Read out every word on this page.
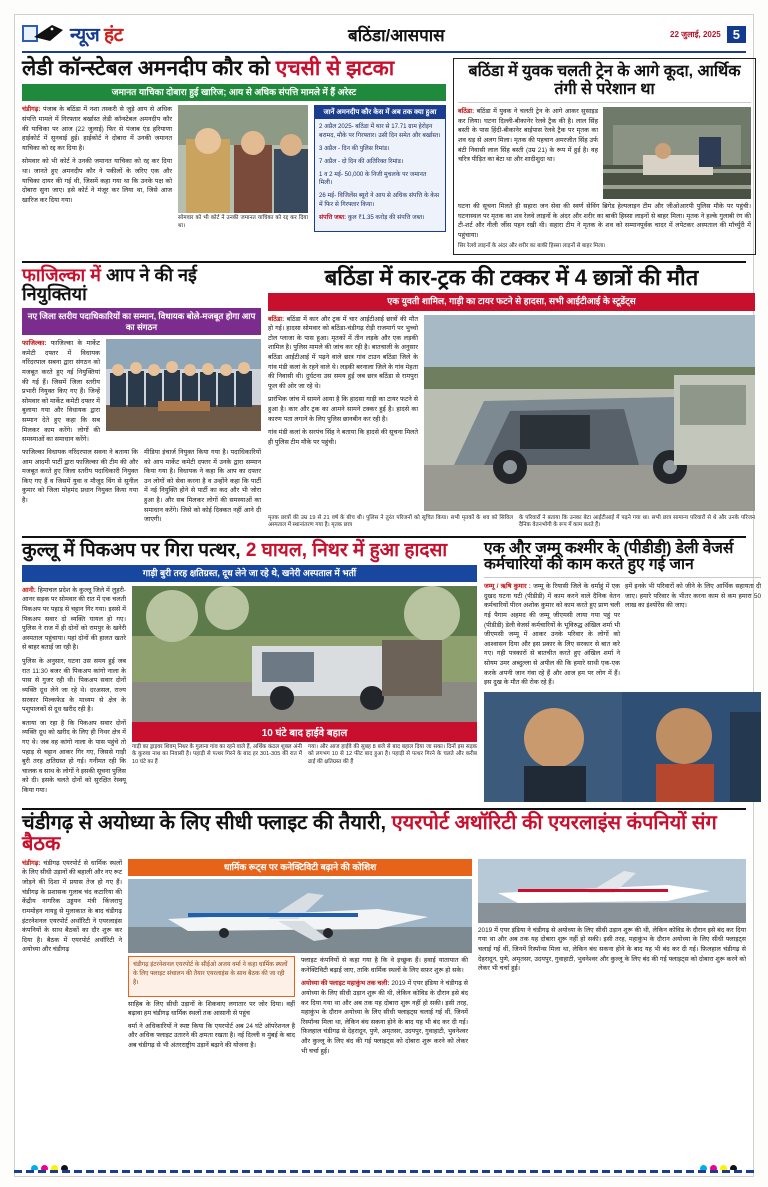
न्यूज हंट	बठिंडा/आसपास	22 जुलाई, 2025 5
लेडी कॉन्स्टेबल अमनदीप कौर को एचसी से झटका
जमानत याचिका दोबारा हुई खारिज; आय से अधिक संपत्ति मामले में हैं अरेस्ट
चंडीगढ़: पंजाब के बठिंडा में नशा तस्करी से जुड़े आय से अधिक संपत्ति मामले में गिरफ्तार बर्खास्त लेडी कॉन्स्टेबल अमनदीप कौर की याचिका पर आज (22 जुलाई) फिर से पंजाब एंड हरियाणा हाईकोर्ट में सुनवाई हुई। हाईकोर्ट ने दोबारा में उनकी जमानत याचिका को रद्द कर दिया है।
सोमवार को भी कोर्ट ने उनकी जमानत याचिका को रद्द कर दिया था। जानते हुए अमनदीप कौर ने पकीलों के जरिए एक और याचिका दायर की गई थी, जिसमें कहा गया था कि उनके पक्ष को दोबारा सुना जाए। इसे कोर्ट ने मंजूर कर लिया था, जिसे आज खारिज कर दिया गया।
सोमवार को भी कोर्ट ने उनकी जमानत याचिका को रद्द कर दिया था।
जानें अमनदीप कौर केस में अब तक क्या हुआ

2 अप्रैल 2025- बठिंडा में थार से 17.71 ग्राम हेरोइन बरामद, मौके पर गिरफ्तार। उसी दिन समेत और बर्खास्त।

3 अप्रैल - दिन की पुलिस रिमांड।

7 अप्रैल - दो दिन की अतिरिक्त रिमांड।

1 व 2 मई- 50,000 के निजी मुचलके पर जमानत मिली।

26 मई- विजिलेंस ब्यूरो ने आय से अधिक संपत्ति के केस में फिर से गिरफ्तार किया।

संपत्ति जब्त: कुल ₹1.35 करोड़ की संपत्ति जब्त।

बठिंडा में युवक चलती ट्रेन के आगे कूदा, आर्थिक तंगी से परेशान था
बठिंडा: बठिंडा में युवक ने चलती ट्रेन के आगे आकर सुसाइड कर लिया। घटना दिल्ली-बीकानेर रेलवे ट्रैक की है। लाल सिंह बस्ती के पास हिंदी-बीकानेर बाईपास रेलवे ट्रैक पर मृतक का शव धड़ से अलग मिला। मृतक की पहचान अमरजीत सिंह उर्फ बंटी निवासी लाल सिंह बस्ती (उम्र 21) के रूप में हुई है। वह चरित्र पीड़ित का बेटा था और शादीशुदा था।
घटना की सूचना मिलते ही सहारा जन सेवा की स्वर्ण सेविंग ब्रिगेड हेल्पलाइन टीम और जीओआरपी पुलिस मौके पर पहुंची। घटनास्थल पर मृतक का शव रेलवे लाइनों के अंदर और शरीर का बाकी हिस्सा लाइनों से बाहर मिला। मृतक ने हल्के गुलाबी रंग की टी-शर्ट और नीली जींस पहन रखी थी। सहारा टीम ने मृतक के शव को सम्मानपूर्वक चादर में लपेटकर अस्पताल की मॉर्च्युरी में पहुंचाया।
सिर रेलवे लाइनों के अंदर और शरीर का बाकी हिस्सा लाइनों से बाहर मिला।
फाजिल्का में आप ने की नई नियुक्तियां
नए जिला स्तरीय पदाधिकारियों का सम्मान, विधायक बोले-मजबूत होगा आप का संगठन
फाजिल्का: फाजिल्का के मार्केट कमेटी दफ्तर में विधायक नरिंदरपाल सबना द्वारा संगठन को मजबूत करते हुए नई नियुक्तियां की गई हैं। जिसमें जिला स्तरीय प्रभारी नियुक्त किए गए हैं। जिन्हें सोमवार को मार्केट कमेटी दफ्तर में बुलाया गया और विधायक द्वारा सम्मान देते हुए कहा कि सब मिलकर काम करेंगे। लोगों की समस्याओं का समाधान करेंगे।
फाजिल्का विधायक नरिंदरपाल सवना ने बताया कि आम आदमी पार्टी द्वारा फाजिल्का की टीम की और मजबूत करते हुए जिला स्तरीय पदाधिकारी नियुक्त किए गए हैं व जिसमें युवा व मौजूद विंग से सुनील कुमार को जिला मोहमंद प्रधान नियुक्त किया गया है।
मीडिया इंचार्ज नियुक्त किया गया है। पदाधिकारियों को आप मार्केट कमेटी दफ्तर में उनके द्वारा सम्मान किया गया है। विधायक ने कहा कि आप का दफ्तर उन लोगों को सेवा करना है व उन्होंने कहा कि पार्टी में नई नियुक्ति होने से पार्टी का कद और भी जोरा हुआ है। और सब मिलकर लोगों की समस्याओं का समाधान करेंगे। जिसे को कोई दिक्कत नहीं आने दी जाएगी।
बठिंडा में कार-ट्रक की टक्कर में 4 छात्रों की मौत
एक युवती शामिल, गाड़ी का टायर फटने से हादसा, सभी आईटीआई के स्टूडेंट्स
बठिंडा: बठिंडा में कार और ट्रक में चार आईटीआई छात्रों की मौत हो गई। हादसा सोमवार को बठिंडा-चंडीगढ़ रोड़ी राजमार्ग पर भुच्चो टोल प्लाजा के पास हुआ। मृतकों में तीन लड़के और एक लड़की शामिल है। पुलिस मामले की जांच कर रही है। बातचाली के अनुसार बठिंडा आईटीआई में पढ़ने वाले छात्र गांव टाउन बठिंडा जिले के गांव मंडी कलां के रहने वाले थे। लड़की बरनाला जिले के गांव मेहता की निवासी थी। दुर्घटना उस समय हुई जब छात्र बठिंडा से रामपुरा फूल की ओर जा रहे थे।
प्रारंभिक जांच में सामने आया है कि हादसा गाड़ी का टायर फटने से हुआ है। कार और ट्रक का आमने सामने टक्कर हुई है। हादसे का कारण पता लगाने के लिए पुलिस छानबीन कर रही है।
गांव मंडी कलां के सरपंच सिंह ने बताया कि हादसे की सूचना मिलते ही पुलिस टीम मौके पर पहुंची।
मृतक छात्रों की उम्र 19 से 21 वर्ष के बीच थी। पुलिस ने तुरंत परिजनों को सूचित किया। सभी मृतकों के शव को सिविल अस्पताल में स्थानांतरण गया है। मृतक छात्र
के परिवारों ने बताया कि उनका बेटा आईटीआई में पढ़ने गया था। सभी छात्र सामान्य परिवारों से थे और उनके परिजन दैनिक वेतनभोगी के रूप में काम करते हैं।
कुल्लू में पिकअप पर गिरा पत्थर, 2 घायल, निथर में हुआ हादसा
गाड़ी बुरी तरह क्षतिग्रस्त, दूध लेने जा रहे थे, खनेरी अस्पताल में भर्ती
आनी: हिमाचल प्रदेश के कुल्लू जिले में लुहरी-आनर सड़क पर सोमवार की रात में एक चलती पिकअप पर पहाड़ से चट्टान गिर गया। इससे में पिकअप सवार दो व्यक्ति घायल हो गए। पुलिस ने राज में ही दोनों को रामपुर के खनेरी अस्पताल पहुंचाया। यहां दोनों की हालत खतरे से बाहर बताई जा रही है।
पुलिस के अनुसार, घटना उस समय हुई जब रात 11:30 बजर की पिकअप कांगो नाला के पास से गुजर रही थी। पिकअप सवार दोनों व्यक्ति दूध लेने जा रहे थे। दरअसल, राज्य सरकार मिल्कफेड के माध्यम से क्षेत्र के पशुपालकों से दूध खरीद रही है।
बताया जा रहा है कि पिकअप सवार दोनों व्यक्ति दूध को खरीद के लिए ही निथर क्षेत्र में गए थे। जब वह कांगो नाला के पास पहुंचे तो पहाड़ से चट्टान आकर गिर गए, जिससे गाड़ी बुरी तरह क्षतिग्रस्त हो गई। गनीमत रही कि चालक व साथ के लोगों ने इसकी सूचना पुलिस को दी। इसके चलते दोनों को सुरक्षित रेस्क्यू किया गया।
10 घंटे बाद हाईवे बहाल
गाड़ी का ड्राइवर शिवम् निथर के गुलाना गांव का रहने वाले हैं, अर्थिक कंठल शुक्ल अंनी के कुरुवा नाथ का निवासी है। पहाड़ी से पत्थर गिरने के बाद हर 301-305 कीं रात में 10 घंटे का हैं
गया। और आज हाईवे की सुबह 8 बजे से बाद बहाल दिया जा सका। दिनों इस सड़क को लगभग 10 से 12 फीट बाद हुआ है। पहाड़ी से पत्थर गिरने के चलते और करीब ढाई की क्षतिग्रस्त की हैं
एक और जम्मू कश्मीर के (पीडीडी) डेली वेजर्स कर्मचारियों की काम करते हुए गई जान
जम्मू / ऋषि कुमार : जम्मू के रियासी जिले के धर्माहुं में एक दुखद घटना घटी (पीडीडी) में काम करने वाले दैनिक वेतन कर्मचारियों पीरन अशोक कुमार को काम करते हुए प्राण चली गई पैगाम अहमद की जम्मू जीएमसी लाया गया पहुं पर (पीडीडी) डेली वेजर्स कर्मचारियों के भूविरुद्ध अंखिल शर्मा भी जीएमसी जम्मू में आकर उनके परिवार के लोगों को आश्वासन दिया और इस प्रकार के लिए सरकार से बात करे गए। गही पत्रकारों से बातचीत करते हुए अंखिल शर्मा ने सोयम उमर अब्दुल्ला से अपील की कि हमारे साथी एक-एक करके अपनी जान गंवा रहे हैं और आज हम पर लोग में हैं। इस दुख के मौत की रोक रहे हैं।
हमें इनके भी परिवारों को जीने के लिए आर्थिक सहायता दी जाए। हमारे परिवार के भीतर करना काम से कम हमारा 50 लाख का इंश्योरेंस की जाए।
चंडीगढ़ से अयोध्या के लिए सीधी फ्लाइट की तैयारी, एयरपोर्ट अथॉरिटी की एयरलाइंस कंपनियों संग बैठक
चंडीगढ़: चंडीगढ़ एयरपोर्ट से धार्मिक स्थलों के लिए सीधी उड़ानों की बहाली और नए रूट जोड़ने की दिशा में प्रयास तेज हो गए हैं। चंडीगढ़ के प्रशासक गुलाब चंद कटारिया की केंद्रीय नागरिक उड्डयन मंत्री किंजरापु राममोहन नायडू से मुलाकात के बाद चंडीगढ़ इंटरनेशनल एयरपोर्ट अथॉरिटी ने एयरलाइंस कंपनियों के साथ बैठकों का दौर शुरू कर दिया है। बैठक में एयरपोर्ट अथॉरिटी ने अयोध्या और चंडीगढ़
धार्मिक रूट्स पर कनेक्टिविटी बढ़ाने की कोशिश

चंडीगढ़ इंटरनेशनल एयरपोर्ट के सीईओ अजय वर्मा ने कहा धार्मिक स्थलों के लिए फ्लाइट संचालन की तैयार एयरलाइंस के साथ बैठक की जा रही है।

साहिब के लिए सीधी उड़ानों के शिकवाए लगातार पर जोर दिया। वहीं बढ़ावा हम चंडीगढ़ धार्मिक स्थलों तक आसानी से पहुंच
वर्मा ने अधिकारियों ने स्पष्ट किया कि एयरपोर्ट अब 24 घंटे ऑपरेशनल है और अधिक फ्लाइट उतारने की क्षमता रखता है। नई दिल्ली व मुंबई के बाद अब चंडीगढ़ से भी अंतरराष्ट्रीय उड़ानें बढ़ाने की योजना है।
फ्लाइट कंपनियों से कहा गया है कि वे इच्छुक हैं। हवाई यातायात की कनेक्टिविटी बढ़ाई जाए, ताकि धार्मिक स्थलों के लिए सफ़र शुरू हो सके।
अयोध्या की फ्लाइट महाकुंभ तक चली: 2019 में एयर इंडिया ने चंडीगढ़ से अयोध्या के लिए सीधी उड़ान शुरू की थी, लेकिन कोविड के दौरान इसे बंद कर दिया गया था और अब तक यह दोबारा शुरू नहीं हो सकी। इसी तरह, महाकुंभ के दौरान अयोध्या के लिए सीधी फ्लाइट्स चलाई गई थीं, जिनमें रिस्पॉन्स मिला था, लेकिन बंध सकना होने के बाद यह भी बंद कर दी गई। फ़िलहाल चंडीगढ़ से देहरादून, पुणे, अमृतसर, उदयपुर, गुवाहाटी, भुवनेश्वर और कुल्लू के लिए बंद की गई फ्लाइट्स को दोबारा शुरू करने को लेकर भी चर्चा हुई।
2019 में एयर इंडिया ने चंडीगढ़ से अयोध्या के लिए सीधी उड़ान शुरू की थी, लेकिन कोविड के दौरान इसे बंद कर दिया गया था और अब तक यह दोबारा शुरू नहीं हो सकी। इसी तरह, महाकुंभ के दौरान अयोध्या के लिए सीधी फ्लाइट्स चलाई गई थीं, जिनमें रिस्पॉन्स मिला था, लेकिन बंध सकना होने के बाद यह भी बंद कर दी गई। फ़िलहाल चंडीगढ़ से देहरादून, पुणे, अमृतसर, उदयपुर, गुवाहाटी, भुवनेश्वर और कुल्लू के लिए बंद की गई फ्लाइट्स को दोबारा शुरू करने को लेकर भी चर्चा हुई।
